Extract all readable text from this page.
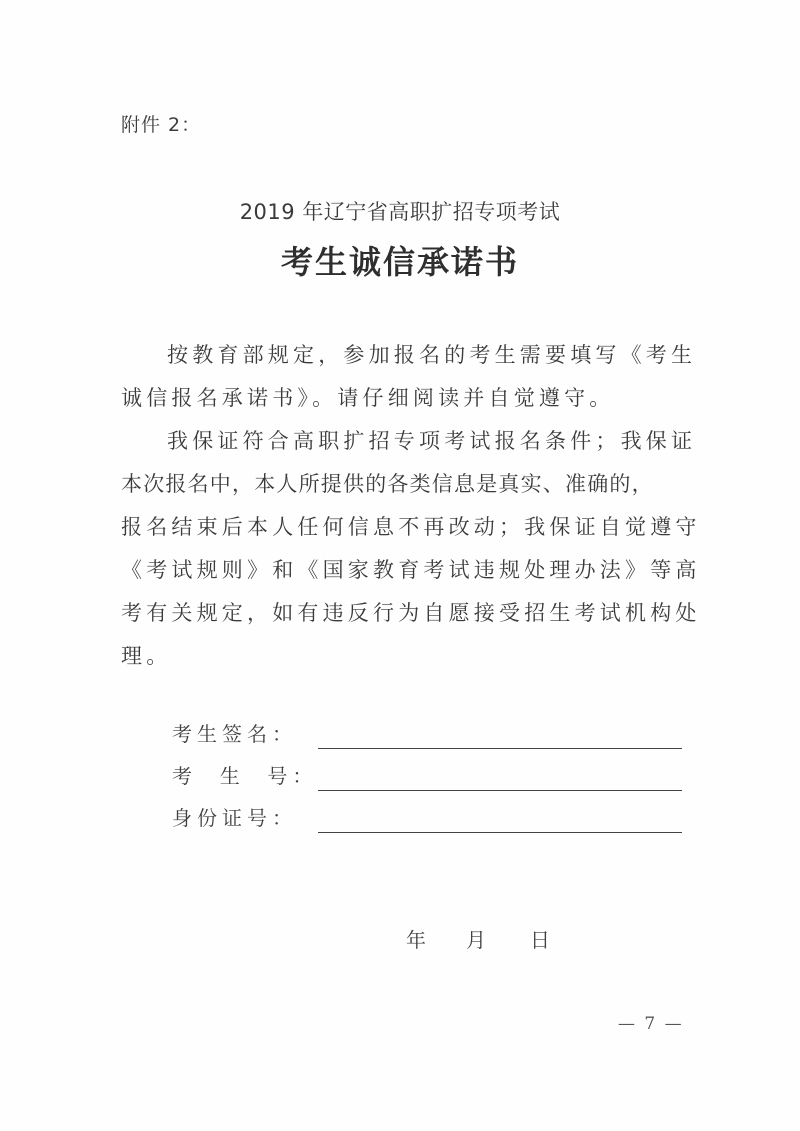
附件 2：
2019 年辽宁省高职扩招专项考试
考生诚信承诺书
按教育部规定，参加报名的考生需要填写《考生
诚信报名承诺书》。请仔细阅读并自觉遵守。
我保证符合高职扩招专项考试报名条件；我保证
本次报名中，本人所提供的各类信息是真实、准确的，
报名结束后本人任何信息不再改动；我保证自觉遵守
《考试规则》和《国家教育考试违规处理办法》等高
考有关规定，如有违反行为自愿接受招生考试机构处
理。
考生签名：
考  生  号：
身份证号：
年	月	日
— 7 —
